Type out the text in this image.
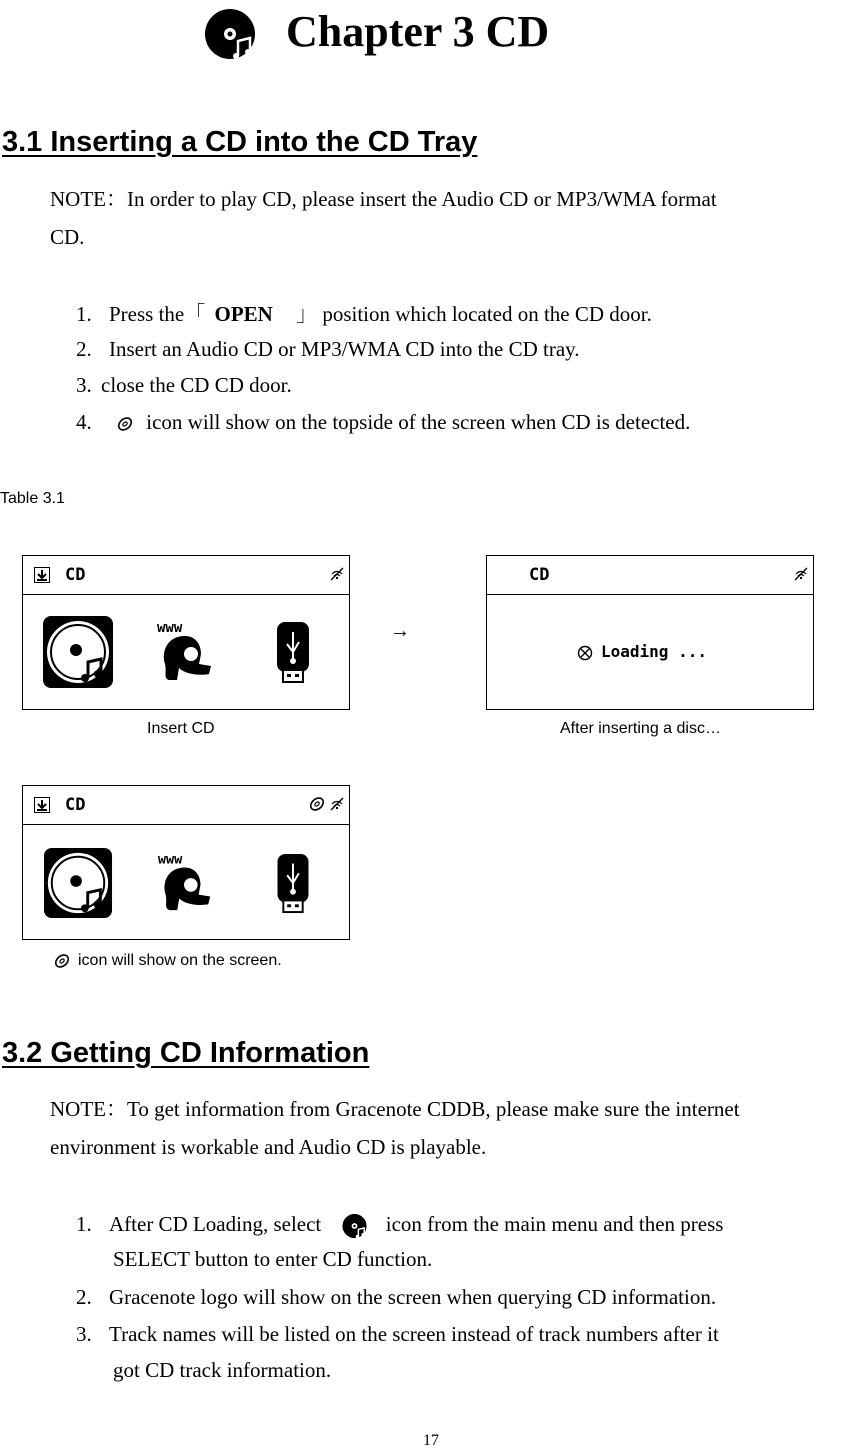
Chapter 3 CD
3.1 Inserting a CD into the CD Tray
NOTE：In order to play CD, please insert the Audio CD or MP3/WMA format
CD.
1. Press the「 OPEN 」 position which located on the CD door.
2. Insert an Audio CD or MP3/WMA CD into the CD tray.
3. close the CD CD door.
4.	icon will show on the topside of the screen when CD is detected.
Table 3.1
CD
www
Insert CD
→
CD
Loading ...
After inserting a disc…
CD
www
icon will show on the screen.
3.2 Getting CD Information
NOTE：To get information from Gracenote CDDB, please make sure the internet
environment is workable and Audio CD is playable.
1. After CD Loading, select	icon from the main menu and then press
SELECT button to enter CD function.
2. Gracenote logo will show on the screen when querying CD information.
3. Track names will be listed on the screen instead of track numbers after it
got CD track information.
17
